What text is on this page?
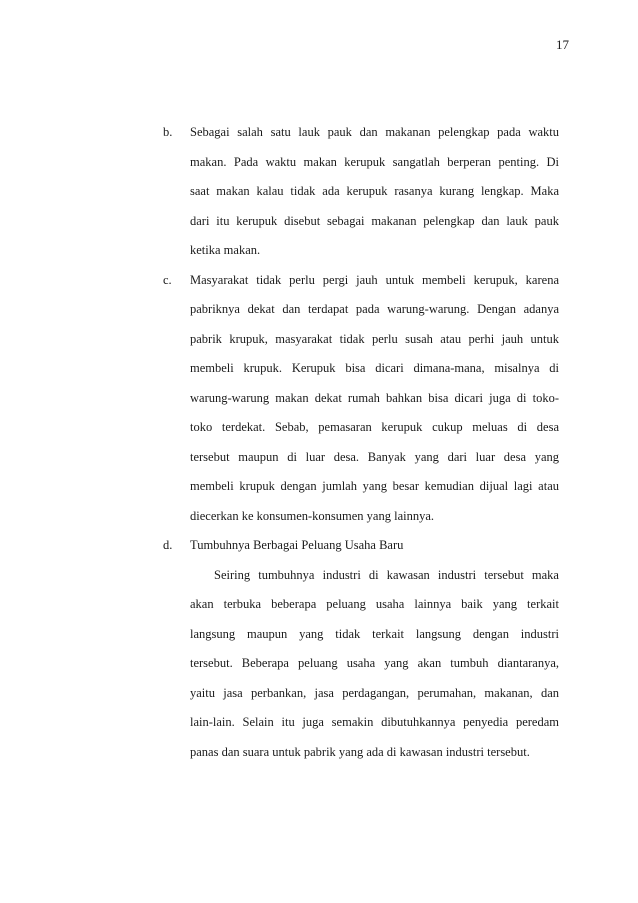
17
b. Sebagai salah satu lauk pauk dan makanan pelengkap pada waktu
makan. Pada waktu makan kerupuk sangatlah berperan penting. Di
saat makan kalau tidak ada kerupuk rasanya kurang lengkap. Maka
dari itu kerupuk disebut sebagai makanan pelengkap dan lauk pauk
ketika makan.
c. Masyarakat tidak perlu pergi jauh untuk membeli kerupuk, karena
pabriknya dekat dan terdapat pada warung-warung. Dengan adanya
pabrik krupuk, masyarakat tidak perlu susah atau perhi jauh untuk
membeli krupuk. Kerupuk bisa dicari dimana-mana, misalnya di
warung-warung makan dekat rumah bahkan bisa dicari juga di toko-
toko terdekat. Sebab, pemasaran kerupuk cukup meluas di desa
tersebut maupun di luar desa. Banyak yang dari luar desa yang
membeli krupuk dengan jumlah yang besar kemudian dijual lagi atau
diecerkan ke konsumen-konsumen yang lainnya.
d. Tumbuhnya Berbagai Peluang Usaha Baru
Seiring tumbuhnya industri di kawasan industri tersebut maka
akan terbuka beberapa peluang usaha lainnya baik yang terkait
langsung maupun yang tidak terkait langsung dengan industri
tersebut. Beberapa peluang usaha yang akan tumbuh diantaranya,
yaitu jasa perbankan, jasa perdagangan, perumahan, makanan, dan
lain-lain. Selain itu juga semakin dibutuhkannya penyedia peredam
panas dan suara untuk pabrik yang ada di kawasan industri tersebut.
